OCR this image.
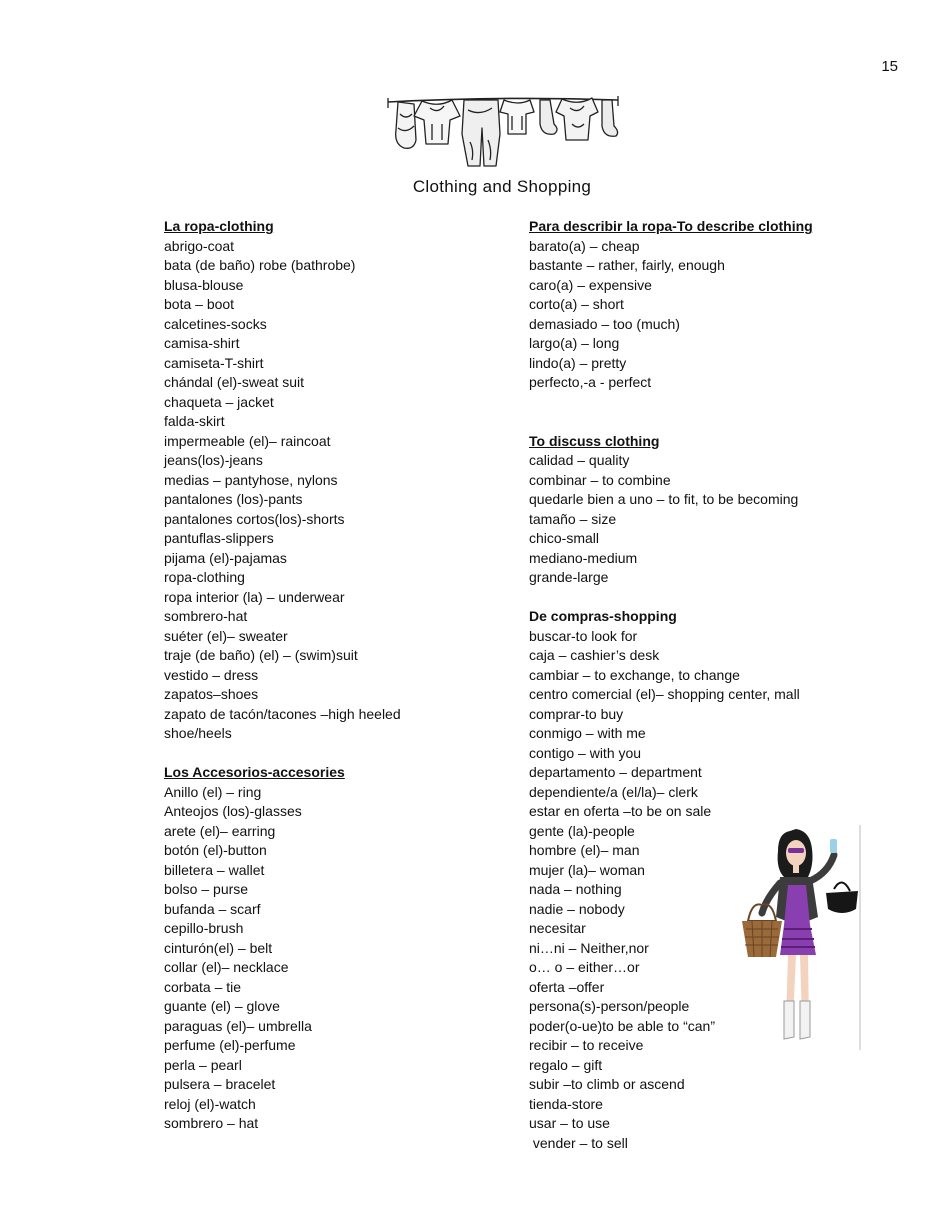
15
Clothing and Shopping
La ropa-clothing
abrigo-coat
bata (de baño) robe (bathrobe)
blusa-blouse
bota – boot
calcetines-socks
camisa-shirt
camiseta-T-shirt
chándal (el)-sweat suit
chaqueta – jacket
falda-skirt
impermeable (el)– raincoat
jeans(los)-jeans
medias – pantyhose, nylons
pantalones (los)-pants
pantalones cortos(los)-shorts
pantuflas-slippers
pijama (el)-pajamas
ropa-clothing
ropa interior (la) – underwear
sombrero-hat
suéter (el)– sweater
traje (de baño) (el) – (swim)suit
vestido – dress
zapatos–shoes
zapato de tacón/tacones –high heeled shoe/heels
Los Accesorios-accesories
Anillo (el) – ring
Anteojos (los)-glasses
arete (el)– earring
botón (el)-button
billetera – wallet
bolso – purse
bufanda – scarf
cepillo-brush
cinturón(el) – belt
collar (el)– necklace
corbata – tie
guante (el) – glove
paraguas (el)– umbrella
perfume (el)-perfume
perla – pearl
pulsera – bracelet
reloj (el)-watch
sombrero – hat
Para describir la ropa-To describe clothing
barato(a) – cheap
bastante – rather, fairly, enough
caro(a) – expensive
corto(a) – short
demasiado – too (much)
largo(a) – long
lindo(a) – pretty
perfecto,-a - perfect
To discuss clothing
calidad – quality
combinar – to combine
quedarle bien a uno – to fit, to be becoming
tamaño – size
chico-small
mediano-medium
grande-large
De compras-shopping
buscar-to look for
caja – cashier’s desk
cambiar – to exchange, to change
centro comercial (el)– shopping center, mall
comprar-to buy
conmigo – with me
contigo – with you
departamento – department
dependiente/a (el/la)– clerk
estar en oferta –to be on sale
gente (la)-people
hombre (el)– man
mujer (la)– woman
nada – nothing
nadie – nobody
necesitar
ni…ni – Neither,nor
o… o – either…or
oferta –offer
persona(s)-person/people
poder(o-ue)to be able to “can”
recibir – to receive
regalo – gift
subir –to climb or ascend
tienda-store
usar – to use
vender – to sell
